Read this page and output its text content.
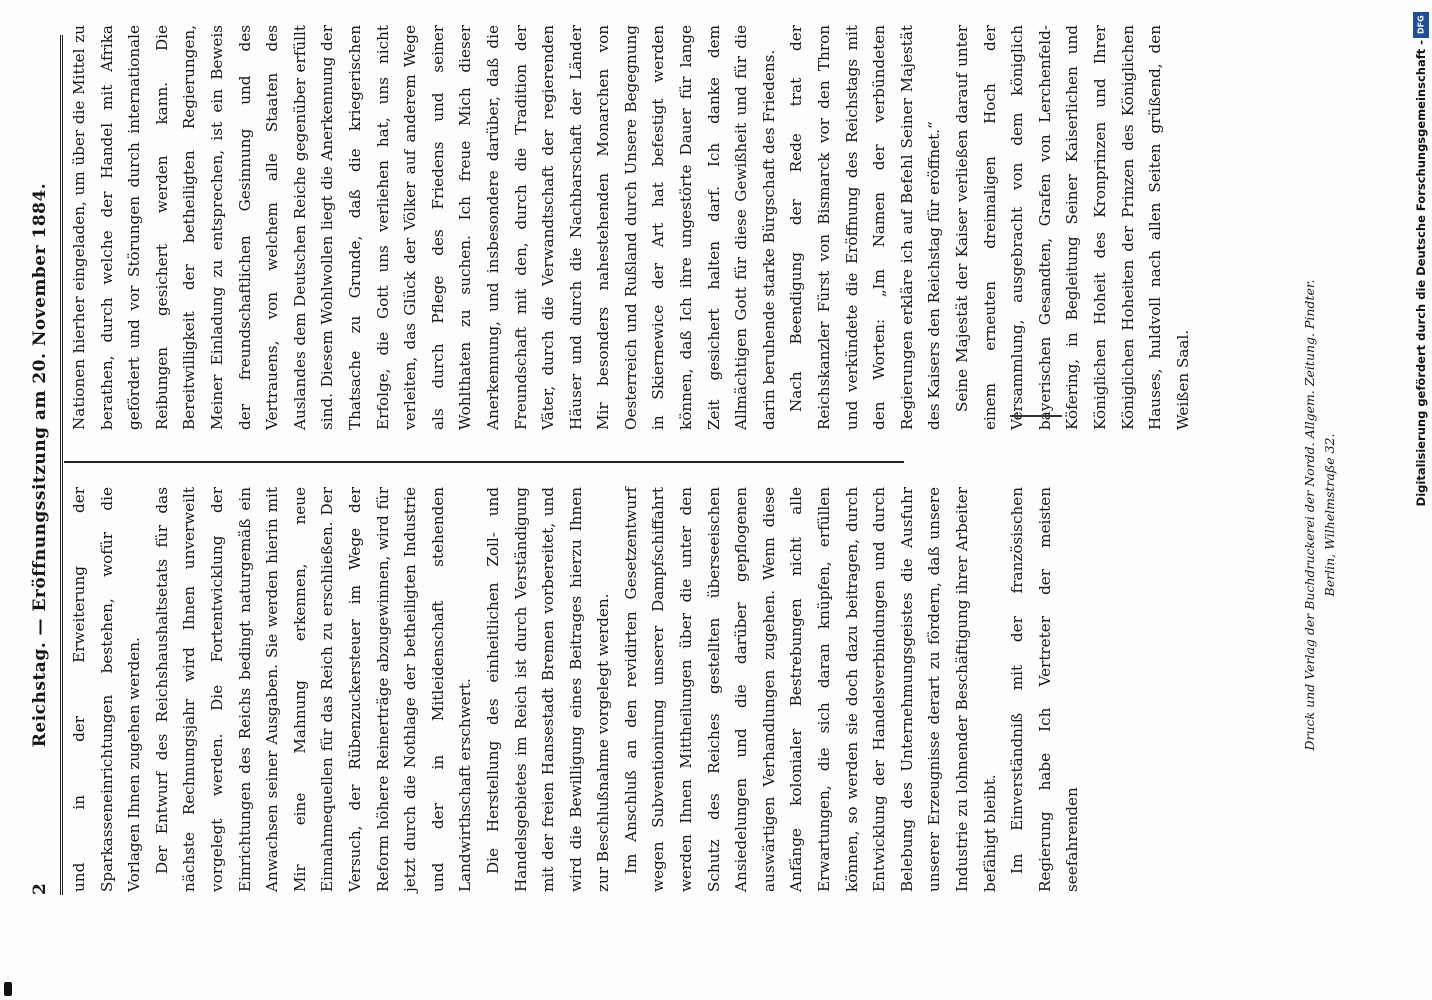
2
Reichstag. — Eröffnungssitzung am 20. November 1884. und in der Erweiterung der Sparkasseneinrichtungen bestehen, wofür die Vorlagen Ihnen zugehen werden. Der Entwurf des Reichshaushaltsetats für das nächste Rechnungsjahr wird Ihnen unverweilt vorgelegt werden. Die Fortentwicklung der Einrichtungen des Reichs bedingt naturgemäß ein Anwachsen seiner Ausgaben. Sie werden hierin mit Mir eine Mahnung erkennen, neue Einnahmequellen für das Reich zu erschließen. Der Versuch, der Rübenzuckersteuer im Wege der Reform höhere Reinerträge abzugewinnen, wird für jetzt durch die Nothlage der betheiligten Industrie und der in Mitleidenschaft stehenden Landwirthschaft erschwert. Die Herstellung des einheitlichen Zoll- und Handelsgebietes im Reich ist durch Verständigung mit der freien Hansestadt Bremen vorbereitet, und wird die Bewilligung eines Beitrages hierzu Ihnen zur Beschlußnahme vorgelegt werden. Im Anschluß an den revidirten Gesetzentwurf wegen Subventionirung unserer Dampfschiffahrt werden Ihnen Mittheilungen über die unter den Schutz des Reiches gestellten überseeischen Ansiedelungen und die darüber gepflogenen auswärtigen Verhandlungen zugehen. Wenn diese Anfänge kolonialer Bestrebungen nicht alle Erwartungen, die sich daran knüpfen, erfüllen können, so werden sie doch dazu beitragen, durch Entwicklung der Handelsverbindungen und durch Belebung des Unternehmungsgeistes die Ausfuhr unserer Erzeugnisse derart zu fördern, daß unsere Industrie zu lohnender Beschäftigung ihrer Arbeiter befähigt bleibt. Im Einverständniß mit der französischen Regierung habe Ich Vertreter der meisten seefahrenden

Nationen hierher eingeladen, um über die Mittel zu berathen, durch welche der Handel mit Afrika gefördert und vor Störungen durch internationale Reibungen gesichert werden kann. Die Bereitwilligkeit der betheiligten Regierungen, Meiner Einladung zu entsprechen, ist ein Beweis der freundschaftlichen Gesinnung und des Vertrauens, von welchem alle Staaten des Auslandes dem Deutschen Reiche gegenüber erfüllt sind. Diesem Wohlwollen liegt die Anerkennung der Thatsache zu Grunde, daß die kriegerischen Erfolge, die Gott uns verliehen hat, uns nicht verleiten, das Glück der Völker auf anderem Wege als durch Pflege des Friedens und seiner Wohlthaten zu suchen. Ich freue Mich dieser Anerkennung, und insbesondere darüber, daß die Freundschaft mit den, durch die Tradition der Väter, durch die Verwandtschaft der regierenden Häuser und durch die Nachbarschaft der Länder Mir besonders nahestehenden Monarchen von Oesterreich und Rußland durch Unsere Begegnung in Skiernewice der Art hat befestigt werden können, daß Ich ihre ungestörte Dauer für lange Zeit gesichert halten darf. Ich danke dem Allmächtigen Gott für diese Gewißheit und für die darin beruhende starke Bürgschaft des Friedens. Nach Beendigung der Rede trat der Reichskanzler Fürst von Bismarck vor den Thron und verkündete die Eröffnung des Reichstags mit den Worten: „Im Namen der verbündeten Regierungen erkläre ich auf Befehl Seiner Majestät des Kaisers den Reichstag für eröffnet.“ Seine Majestät der Kaiser verließen darauf unter einem erneuten dreimaligen Hoch der Versammlung, ausgebracht von dem königlich bayerischen Gesandten, Grafen von Lerchenfeld-Köfering, in Begleitung Seiner Kaiserlichen und Königlichen Hoheit des Kronprinzen und Ihrer Königlichen Hoheiten der Prinzen des Königlichen Hauses, huldvoll nach allen Seiten grüßend, den Weißen Saal.	Druck und Verlag der Buchdruckerei der Nordd. Allgem. Zeitung. Pindter. Berlin, Wilhelmstraße 32.
Digitalisierung gefördert durch die Deutsche Forschungsgemeinschaft -
DFG
